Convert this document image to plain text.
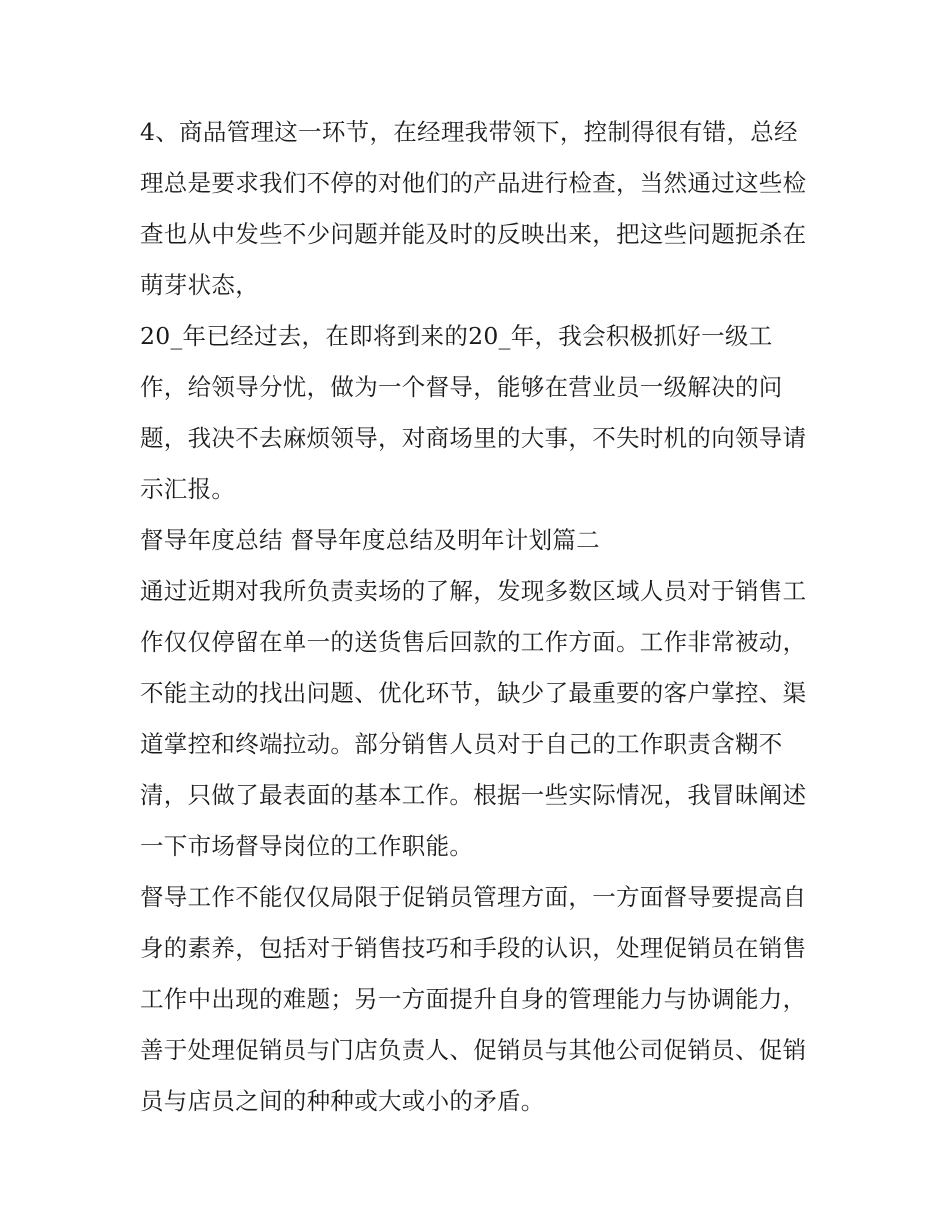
4、商品管理这一环节，在经理我带领下，控制得很有错，总经理总是要求我们不停的对他们的产品进行检查，当然通过这些检查也从中发些不少问题并能及时的反映出来，把这些问题扼杀在萌芽状态，

20_年已经过去，在即将到来的20_年，我会积极抓好一级工作，给领导分忧，做为一个督导，能够在营业员一级解决的问题，我决不去麻烦领导，对商场里的大事，不失时机的向领导请示汇报。

督导年度总结 督导年度总结及明年计划篇二

通过近期对我所负责卖场的了解，发现多数区域人员对于销售工作仅仅停留在单一的送货售后回款的工作方面。工作非常被动，不能主动的找出问题、优化环节，缺少了最重要的客户掌控、渠道掌控和终端拉动。部分销售人员对于自己的工作职责含糊不清，只做了最表面的基本工作。根据一些实际情况，我冒昧阐述一下市场督导岗位的工作职能。

督导工作不能仅仅局限于促销员管理方面，一方面督导要提高自身的素养，包括对于销售技巧和手段的认识，处理促销员在销售工作中出现的难题；另一方面提升自身的管理能力与协调能力，善于处理促销员与门店负责人、促销员与其他公司促销员、促销员与店员之间的种种或大或小的矛盾。
